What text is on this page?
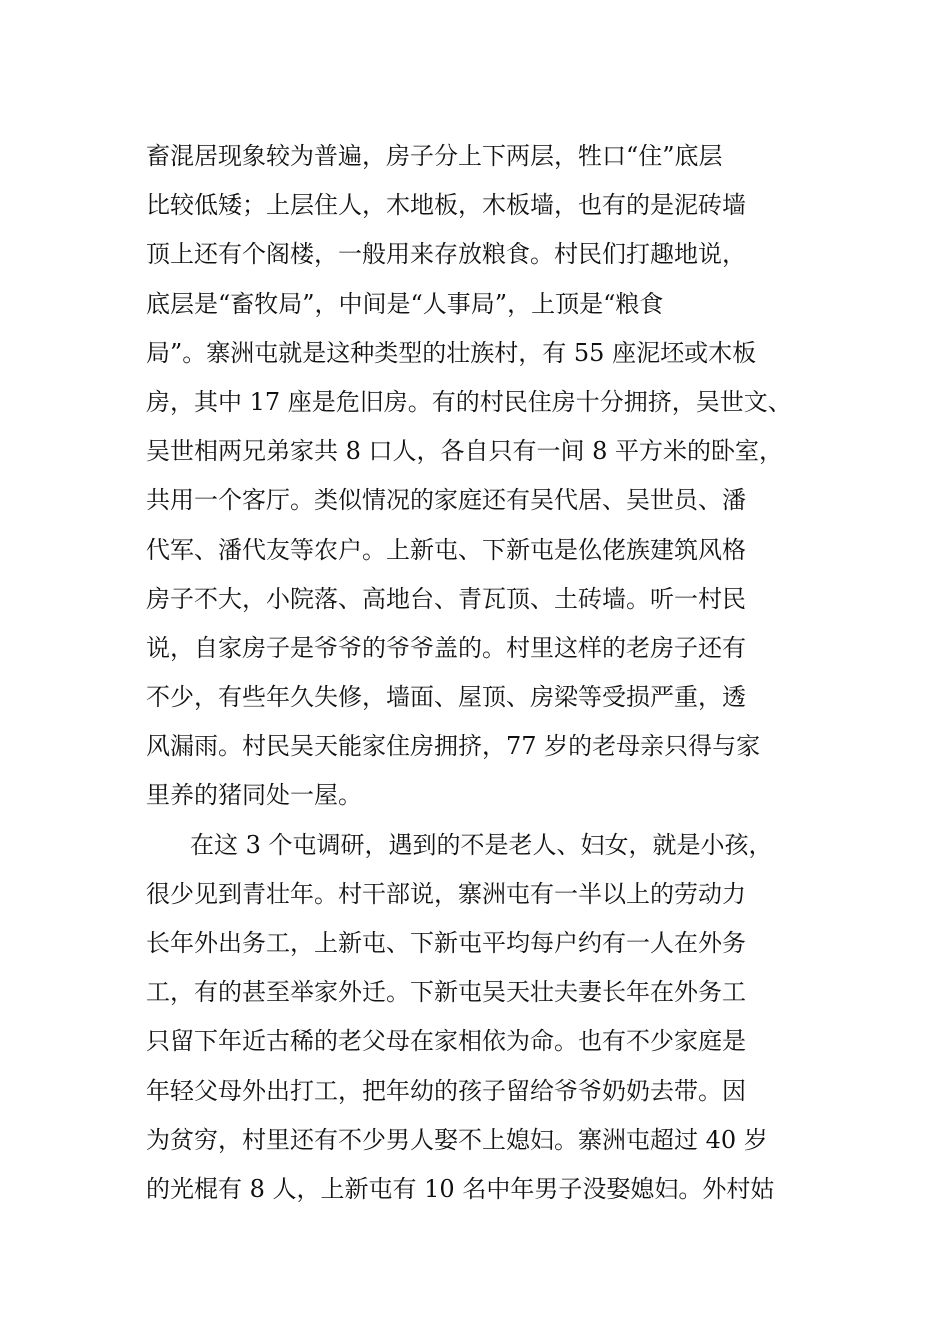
畜混居现象较为普遍，房子分上下两层，牲口“住”底层
比较低矮；上层住人，木地板，木板墙，也有的是泥砖墙
顶上还有个阁楼，一般用来存放粮食。村民们打趣地说，
底层是“畜牧局”，中间是“人事局”，上顶是“粮食
局”。寨洲屯就是这种类型的壮族村，有 55 座泥坯或木板
房，其中 17 座是危旧房。有的村民住房十分拥挤，吴世文、
吴世相两兄弟家共 8 口人，各自只有一间 8 平方米的卧室，
共用一个客厅。类似情况的家庭还有吴代居、吴世员、潘
代军、潘代友等农户。上新屯、下新屯是仫佬族建筑风格
房子不大，小院落、高地台、青瓦顶、土砖墙。听一村民
说，自家房子是爷爷的爷爷盖的。村里这样的老房子还有
不少，有些年久失修，墙面、屋顶、房梁等受损严重，透
风漏雨。村民吴天能家住房拥挤，77 岁的老母亲只得与家
里养的猪同处一屋。
在这 3 个屯调研，遇到的不是老人、妇女，就是小孩，
很少见到青壮年。村干部说，寨洲屯有一半以上的劳动力
长年外出务工，上新屯、下新屯平均每户约有一人在外务
工，有的甚至举家外迁。下新屯吴天壮夫妻长年在外务工
只留下年近古稀的老父母在家相依为命。也有不少家庭是
年轻父母外出打工，把年幼的孩子留给爷爷奶奶去带。因
为贫穷，村里还有不少男人娶不上媳妇。寨洲屯超过 40 岁
的光棍有 8 人，上新屯有 10 名中年男子没娶媳妇。外村姑
